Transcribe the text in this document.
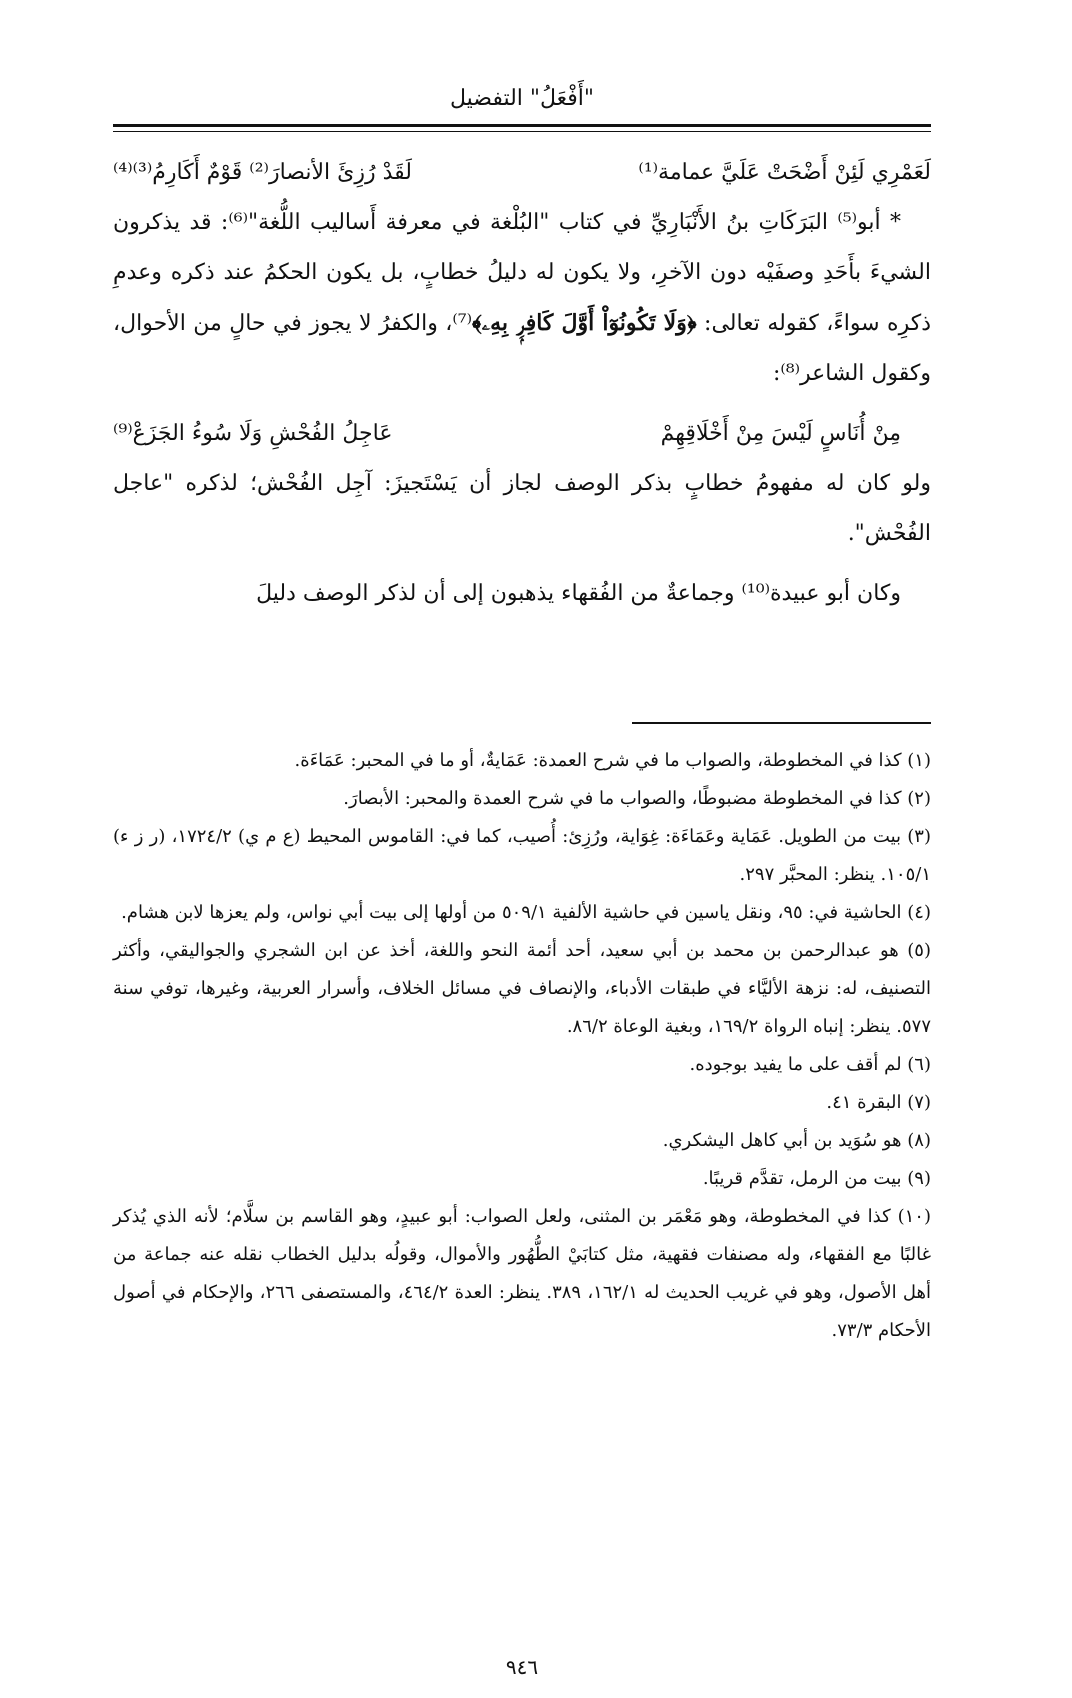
"أَفْعَلُ" التفضيل
لَعَمْرِي لَئِنْ أَضْحَتْ عَلَيَّ عمامة⁽¹⁾
لَقَدْ رُزِئَ الأنصارَ⁽²⁾ قَوْمٌ أَكَارِمُ⁽³⁾⁽⁴⁾

* أبو⁽⁵⁾ البَرَكَاتِ بنُ الأَنْبَارِيِّ في كتاب "البُلْغة في معرفة أَساليب اللُّغة"⁽⁶⁾: قد يذكرون الشيءَ بأَحَدِ وصفَيْه دون الآخرِ، ولا يكون له دليلُ خطابٍ، بل يكون الحكمُ عند ذكره وعدمِ ذكرِه سواءً، كقوله تعالى: ﴿وَلَا تَكُونُوٓاْ أَوَّلَ كَافِرِۭ بِهِۦ﴾⁽⁷⁾، والكفرُ لا يجوز في حالٍ من الأحوال، وكقول الشاعر⁽⁸⁾:

مِنْ أُنَاسٍ لَيْسَ مِنْ أَخْلَاقِهِمْ
عَاجِلُ الفُحْشِ وَلَا سُوءُ الجَزَعْ⁽⁹⁾

ولو كان له مفهومُ خطابٍ بذكر الوصف لجاز أن يَسْتَجيزَ: آجِل الفُحْش؛ لذكره "عاجل الفُحْش".

وكان أبو عبيدة⁽¹⁰⁾ وجماعةٌ من الفُقهاء يذهبون إلى أن لذكر الوصف دليلَ

(١) كذا في المخطوطة، والصواب ما في شرح العمدة: عَمَايةٌ، أو ما في المحبر: عَمَاءَة.

(٢) كذا في المخطوطة مضبوطًا، والصواب ما في شرح العمدة والمحبر: الأبصارَ.

(٣) بيت من الطويل. عَمَاية وعَمَاءَة: غِوَاية، ورُزِئ: أُصيب، كما في: القاموس المحيط (ع م ي) ١٧٢٤/٢، (ر ز ء) ١٠٥/١. ينظر: المحبَّر ٢٩٧.

(٤) الحاشية في: ٩٥، ونقل ياسين في حاشية الألفية ٥٠٩/١ من أولها إلى بيت أبي نواس، ولم يعزها لابن هشام.

(٥) هو عبدالرحمن بن محمد بن أبي سعيد، أحد أئمة النحو واللغة، أخذ عن ابن الشجري والجواليقي، وأكثر التصنيف، له: نزهة الأليَّاء في طبقات الأدباء، والإنصاف في مسائل الخلاف، وأسرار العربية، وغيرها، توفي سنة ٥٧٧. ينظر: إنباه الرواة ١٦٩/٢، وبغية الوعاة ٨٦/٢.

(٦) لم أقف على ما يفيد بوجوده.

(٧) البقرة ٤١.

(٨) هو سُوَيد بن أبي كاهل اليشكري.

(٩) بيت من الرمل، تقدَّم قريبًا.

(١٠) كذا في المخطوطة، وهو مَعْمَر بن المثنى، ولعل الصواب: أبو عبيدٍ، وهو القاسم بن سلَّام؛ لأنه الذي يُذكر غالبًا مع الفقهاء، وله مصنفات فقهية، مثل كتابَيْ الطُّهُور والأموال، وقولُه بدليل الخطاب نقله عنه جماعة من أهل الأصول، وهو في غريب الحديث له ١٦٢/١، ٣٨٩. ينظر: العدة ٤٦٤/٢، والمستصفى ٢٦٦، والإحكام في أصول الأحكام ٧٣/٣.

٩٤٦
